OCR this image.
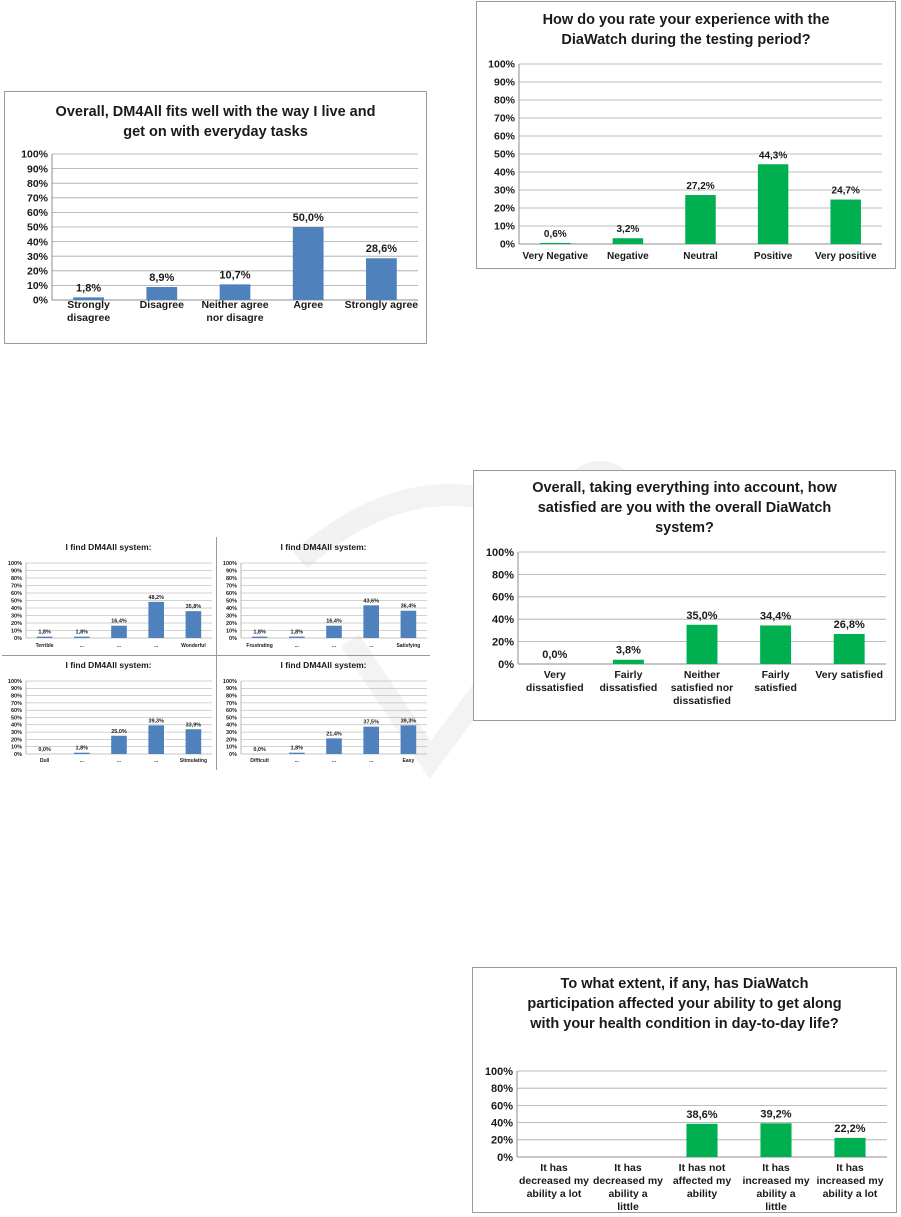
Overall, DM4All fits well with the way I live and get on with everyday tasks
0%
10%
20%
30%
40%
50%
60%
70%
80%
90%
100%
1,8%
Strongly disagree
8,9%
Disagree
10,7%
Neither agree nor disagre
50,0%
Agree
28,6%
Strongly agree
How do you rate your experience with the DiaWatch during the testing period?
0%
10%
20%
30%
40%
50%
60%
70%
80%
90%
100%
0,6%
Very Negative
3,2%
Negative
27,2%
Neutral
44,3%
Positive
24,7%
Very positive
I find DM4All system:
0%
10%
20%
30%
40%
50%
60%
70%
80%
90%
100%
1,8%
Terrible
1,8%
...
16,4%
...
48,2%
...
35,8%
Wonderful
I find DM4All system:
0%
10%
20%
30%
40%
50%
60%
70%
80%
90%
100%
1,8%
Frustrating
1,8%
...
16,4%
...
43,6%
...
36,4%
Satisfying
I find DM4All system:
0%
10%
20%
30%
40%
50%
60%
70%
80%
90%
100%
0,0%
Dull
1,8%
...
25,0%
...
39,3%
...
33,9%
Stimulating
I find DM4All system:
0%
10%
20%
30%
40%
50%
60%
70%
80%
90%
100%
0,0%
Difficult
1,8%
...
21,4%
...
37,5%
...
39,3%
Easy
Overall, taking everything into account, how satisfied are you with the overall DiaWatch system?
0%
20%
40%
60%
80%
100%
0,0%
Very dissatisfied
3,8%
Fairly dissatisfied
35,0%
Neither satisfied nor dissatisfied
34,4%
Fairly satisfied
26,8%
Very satisfied
To what extent, if any, has DiaWatch participation affected your ability to get along with your health condition in day-to-day life?
0%
20%
40%
60%
80%
100%
It has decreased my ability a lot
It has decreased my ability a little
38,6%
It has not affected my ability
39,2%
It has increased my ability a little
22,2%
It has increased my ability a lot
